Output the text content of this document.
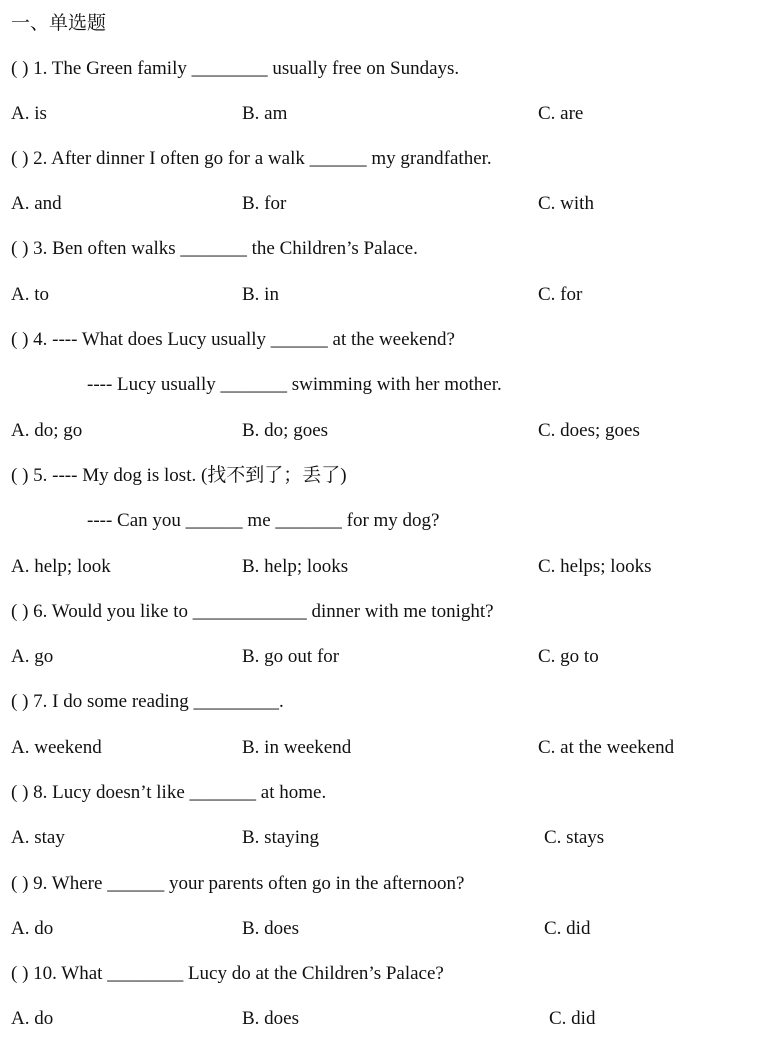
一、单选题
( ) 1. The Green family ________ usually free on Sundays.
A. is	B. am	C. are
( ) 2. After dinner I often go for a walk ______ my grandfather.
A. and	B. for	C. with
( ) 3. Ben often walks _______ the Children’s Palace.
A. to	B. in	C. for
( ) 4. ---- What does Lucy usually ______ at the weekend?
---- Lucy usually _______ swimming with her mother.
A. do; go	B. do; goes	C. does; goes
( ) 5. ---- My dog is lost. (找不到了；丢了)
---- Can you ______ me _______ for my dog?
A. help; look	B. help; looks	C. helps; looks
( ) 6. Would you like to ____________ dinner with me tonight?
A. go	B. go out for	C. go to
( ) 7. I do some reading _________.
A. weekend	B. in weekend	C. at the weekend
( ) 8. Lucy doesn’t like _______ at home.
A. stay	B. staying	C. stays
( ) 9. Where ______ your parents often go in the afternoon?
A. do	B. does	C. did
( ) 10. What ________ Lucy do at the Children’s Palace?
A. do	B. does	C. did
